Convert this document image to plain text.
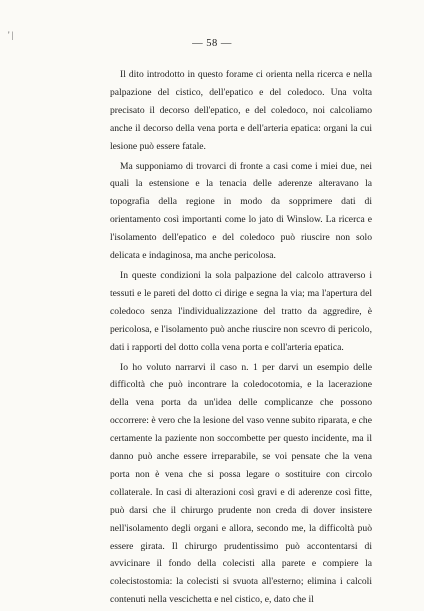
' |
— 58 —

Il dito introdotto in questo forame ci orienta nella ricerca e nella palpazione del cistico, dell'epatico e del coledoco. Una volta precisato il decorso dell'epatico, e del coledoco, noi calcoliamo anche il decorso della vena porta e dell'arteria epatica: organi la cui lesione può essere fatale.

Ma supponiamo di trovarci di fronte a casi come i miei due, nei quali la estensione e la tenacia delle aderenze alteravano la topografia della regione in modo da sopprimere dati di orientamento così importanti come lo jato di Winslow. La ricerca e l'isolamento dell'epatico e del coledoco può riuscire non solo delicata e indaginosa, ma anche pericolosa.

In queste condizioni la sola palpazione del calcolo attraverso i tessuti e le pareti del dotto ci dirige e segna la via; ma l'apertura del coledoco senza l'individualizzazione del tratto da aggredire, è pericolosa, e l'isolamento può anche riuscire non scevro di pericolo, dati i rapporti del dotto colla vena porta e coll'arteria epatica.

Io ho voluto narrarvi il caso n. 1 per darvi un esempio delle difficoltà che può incontrare la coledocotomia, e la lacerazione della vena porta da un'idea delle complicanze che possono occorrere: è vero che la lesione del vaso venne subito riparata, e che certamente la paziente non soccombette per questo incidente, ma il danno può anche essere irreparabile, se voi pensate che la vena porta non è vena che si possa legare o sostituire con circolo collaterale. In casi di alterazioni così gravi e di aderenze così fitte, può darsi che il chirurgo prudente non creda di dover insistere nell'isolamento degli organi e allora, secondo me, la difficoltà può essere girata. Il chirurgo prudentissimo può accontentarsi di avvicinare il fondo della colecisti alla parete e compiere la colecistostomia: la colecisti si svuota all'esterno; elimina i calcoli contenuti nella vescichetta e nel cistico, e, dato che il
